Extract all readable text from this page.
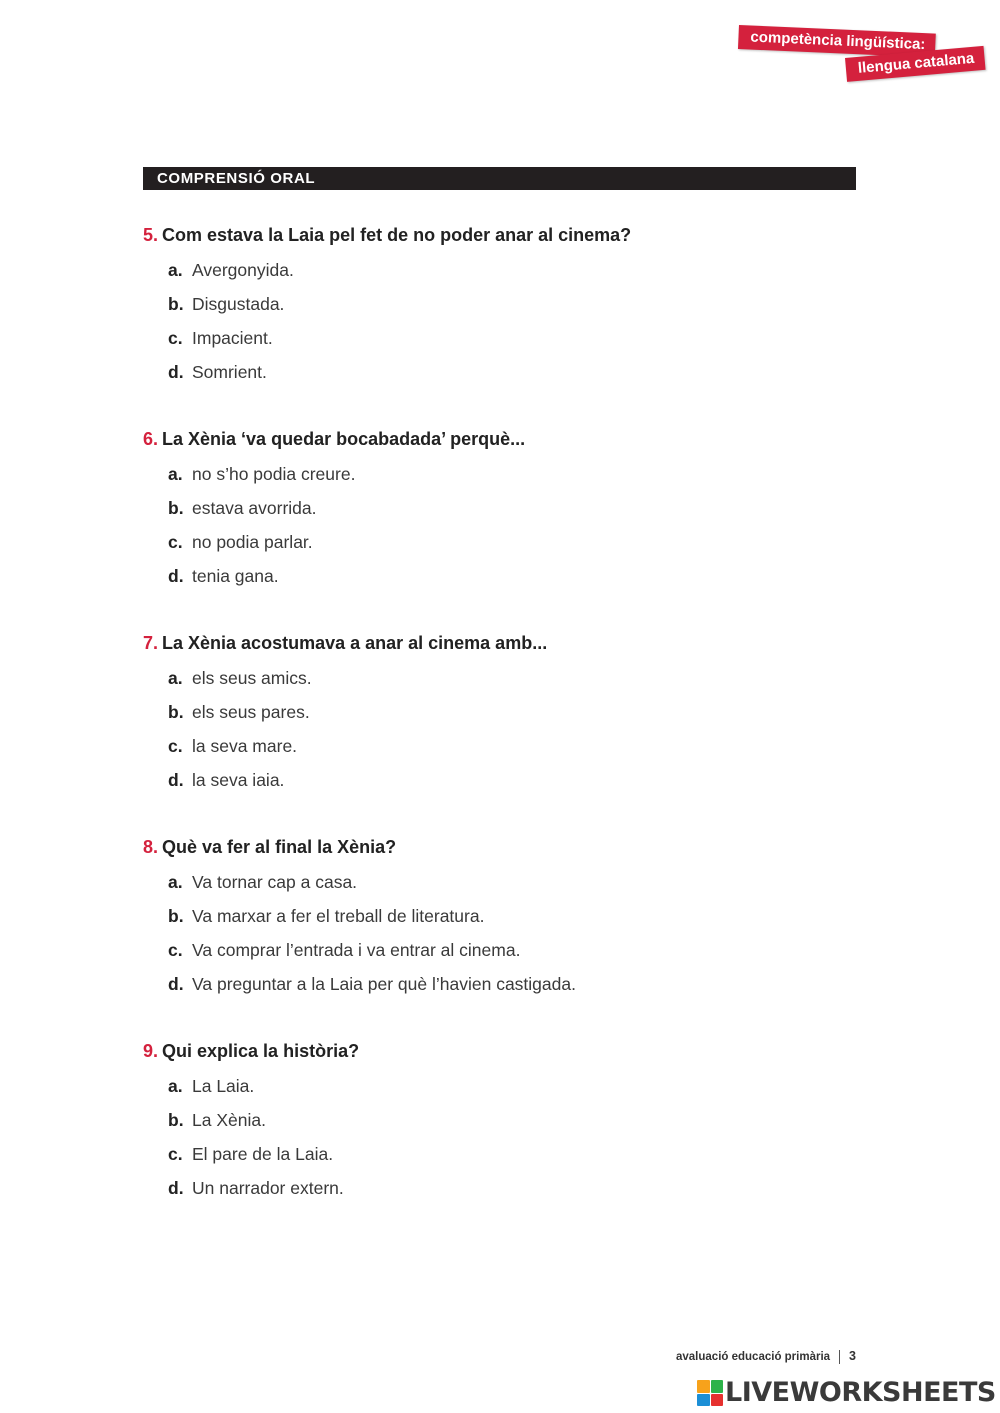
competència lingüística:
llengua catalana
COMPRENSIÓ ORAL
5. Com estava la Laia pel fet de no poder anar al cinema?
a. Avergonyida.
b. Disgustada.
c. Impacient.
d. Somrient.
6. La Xènia ‘va quedar bocabadada’ perquè...
a. no s’ho podia creure.
b. estava avorrida.
c. no podia parlar.
d. tenia gana.
7. La Xènia acostumava a anar al cinema amb...
a. els seus amics.
b. els seus pares.
c. la seva mare.
d. la seva iaia.
8. Què va fer al final la Xènia?
a. Va tornar cap a casa.
b. Va marxar a fer el treball de literatura.
c. Va comprar l’entrada i va entrar al cinema.
d. Va preguntar a la Laia per què l’havien castigada.
9. Qui explica la història?
a. La Laia.
b. La Xènia.
c. El pare de la Laia.
d. Un narrador extern.
avaluació educació primària 3
LIVEWORKSHEETS
